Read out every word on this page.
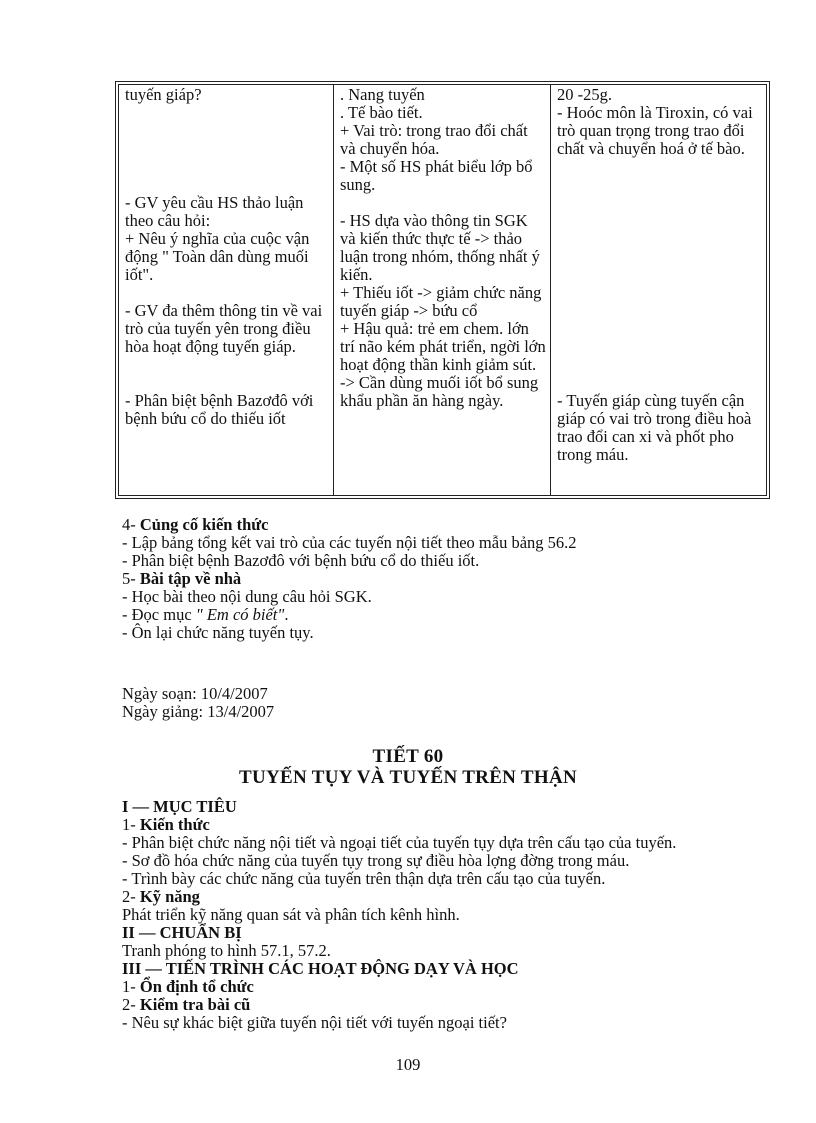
tuyến giáp?

- GV yêu cầu HS thảo luận theo câu hỏi:

+ Nêu ý nghĩa của cuộc vận động " Toàn dân dùng muối iốt".

- GV đa thêm thông tin về vai trò của tuyến yên trong điều hòa hoạt động tuyến giáp.

- Phân biệt bệnh Bazơđô với bệnh bứu cổ do thiếu iốt

. Nang tuyến

. Tế bào tiết.

+ Vai trò: trong trao đổi chất và chuyển hóa.

- Một số HS phát biểu lớp bổ sung.

- HS dựa vào thông tin SGK và kiến thức thực tế -> thảo luận trong nhóm, thống nhất ý kiến.

+ Thiếu iốt -> giảm chức năng tuyến giáp -> bứu cổ

+ Hậu quả: trẻ em chem. lớn trí não kém phát triển, ngời lớn hoạt động thần kinh giảm sút.

-> Cần dùng muối iốt bổ sung khẩu phần ăn hàng ngày.

20 -25g.

- Hoóc môn là Tiroxin, có vai trò quan trọng trong trao đổi chất và chuyển hoá ở tế bào.

- Tuyến giáp cùng tuyến cận giáp có vai trò trong điều hoà trao đổi can xi và phốt pho trong máu.

4- Củng cố kiến thức

- Lập bảng tổng kết vai trò của các tuyến nội tiết theo mẫu bảng 56.2

- Phân biệt bệnh Bazơđô với bệnh bứu cổ do thiếu iốt.

5- Bài tập về nhà

- Học bài theo nội dung câu hỏi SGK.

- Đọc mục " Em có biết".

- Ôn lại chức năng tuyến tụy.

Ngày soạn: 10/4/2007

Ngày giảng: 13/4/2007

TIẾT 60

TUYẾN TỤY VÀ TUYẾN TRÊN THẬN

I — MỤC TIÊU

1- Kiến thức

- Phân biệt chức năng nội tiết và ngoại tiết của tuyến tụy dựa trên cấu tạo của tuyến.

- Sơ đồ hóa chức năng của tuyến tụy trong sự điều hòa lợng đờng trong máu.

- Trình bày các chức năng của tuyến trên thận dựa trên cấu tạo của tuyến.

2- Kỹ năng

Phát triển kỹ năng quan sát và phân tích kênh hình.

II — CHUẨN BỊ

Tranh phóng to hình 57.1, 57.2.

III — TIẾN TRÌNH CÁC HOẠT ĐỘNG DẠY VÀ HỌC

1- Ổn định tổ chức

2- Kiểm tra bài cũ

- Nêu sự khác biệt giữa tuyến nội tiết với tuyến ngoại tiết?

109
